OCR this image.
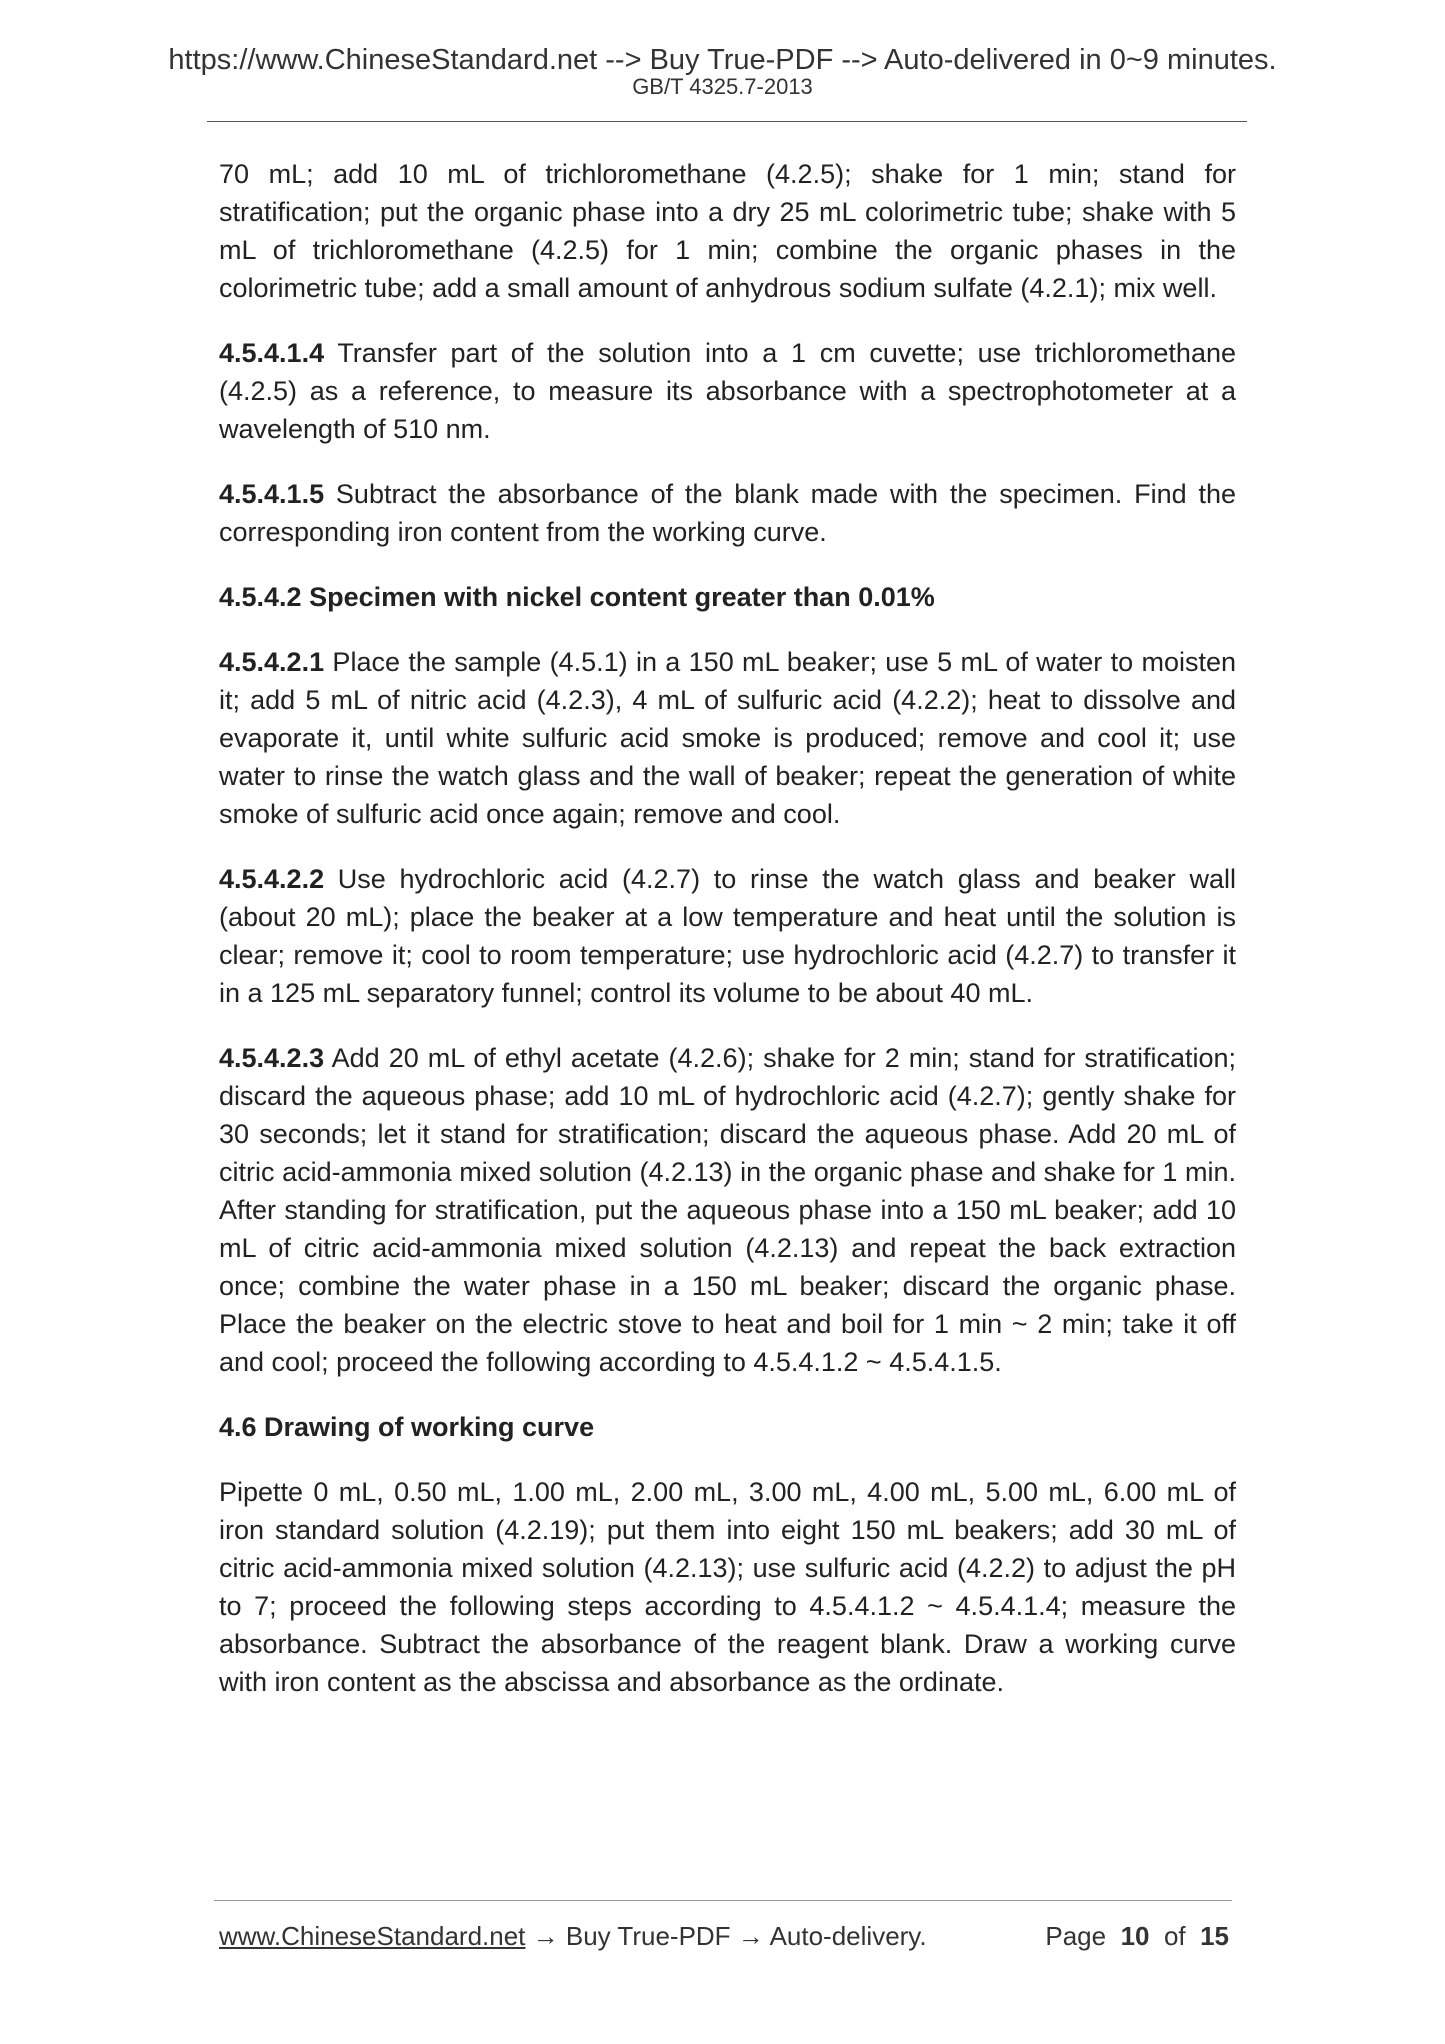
https://www.ChineseStandard.net --> Buy True-PDF --> Auto-delivered in 0~9 minutes.
GB/T 4325.7-2013

70 mL; add 10 mL of trichloromethane (4.2.5); shake for 1 min; stand for stratification; put the organic phase into a dry 25 mL colorimetric tube; shake with 5 mL of trichloromethane (4.2.5) for 1 min; combine the organic phases in the colorimetric tube; add a small amount of anhydrous sodium sulfate (4.2.1); mix well.

4.5.4.1.4 Transfer part of the solution into a 1 cm cuvette; use trichloromethane (4.2.5) as a reference, to measure its absorbance with a spectrophotometer at a wavelength of 510 nm.

4.5.4.1.5 Subtract the absorbance of the blank made with the specimen. Find the corresponding iron content from the working curve.

4.5.4.2 Specimen with nickel content greater than 0.01%

4.5.4.2.1 Place the sample (4.5.1) in a 150 mL beaker; use 5 mL of water to moisten it; add 5 mL of nitric acid (4.2.3), 4 mL of sulfuric acid (4.2.2); heat to dissolve and evaporate it, until white sulfuric acid smoke is produced; remove and cool it; use water to rinse the watch glass and the wall of beaker; repeat the generation of white smoke of sulfuric acid once again; remove and cool.

4.5.4.2.2 Use hydrochloric acid (4.2.7) to rinse the watch glass and beaker wall (about 20 mL); place the beaker at a low temperature and heat until the solution is clear; remove it; cool to room temperature; use hydrochloric acid (4.2.7) to transfer it in a 125 mL separatory funnel; control its volume to be about 40 mL.

4.5.4.2.3 Add 20 mL of ethyl acetate (4.2.6); shake for 2 min; stand for stratification; discard the aqueous phase; add 10 mL of hydrochloric acid (4.2.7); gently shake for 30 seconds; let it stand for stratification; discard the aqueous phase. Add 20 mL of citric acid-ammonia mixed solution (4.2.13) in the organic phase and shake for 1 min. After standing for stratification, put the aqueous phase into a 150 mL beaker; add 10 mL of citric acid-ammonia mixed solution (4.2.13) and repeat the back extraction once; combine the water phase in a 150 mL beaker; discard the organic phase. Place the beaker on the electric stove to heat and boil for 1 min ~ 2 min; take it off and cool; proceed the following according to 4.5.4.1.2 ~ 4.5.4.1.5.

4.6 Drawing of working curve

Pipette 0 mL, 0.50 mL, 1.00 mL, 2.00 mL, 3.00 mL, 4.00 mL, 5.00 mL, 6.00 mL of iron standard solution (4.2.19); put them into eight 150 mL beakers; add 30 mL of citric acid-ammonia mixed solution (4.2.13); use sulfuric acid (4.2.2) to adjust the pH to 7; proceed the following steps according to 4.5.4.1.2 ~ 4.5.4.1.4; measure the absorbance. Subtract the absorbance of the reagent blank. Draw a working curve with iron content as the abscissa and absorbance as the ordinate.

www.ChineseStandard.net → Buy True-PDF → Auto-delivery.	Page 10 of 15
